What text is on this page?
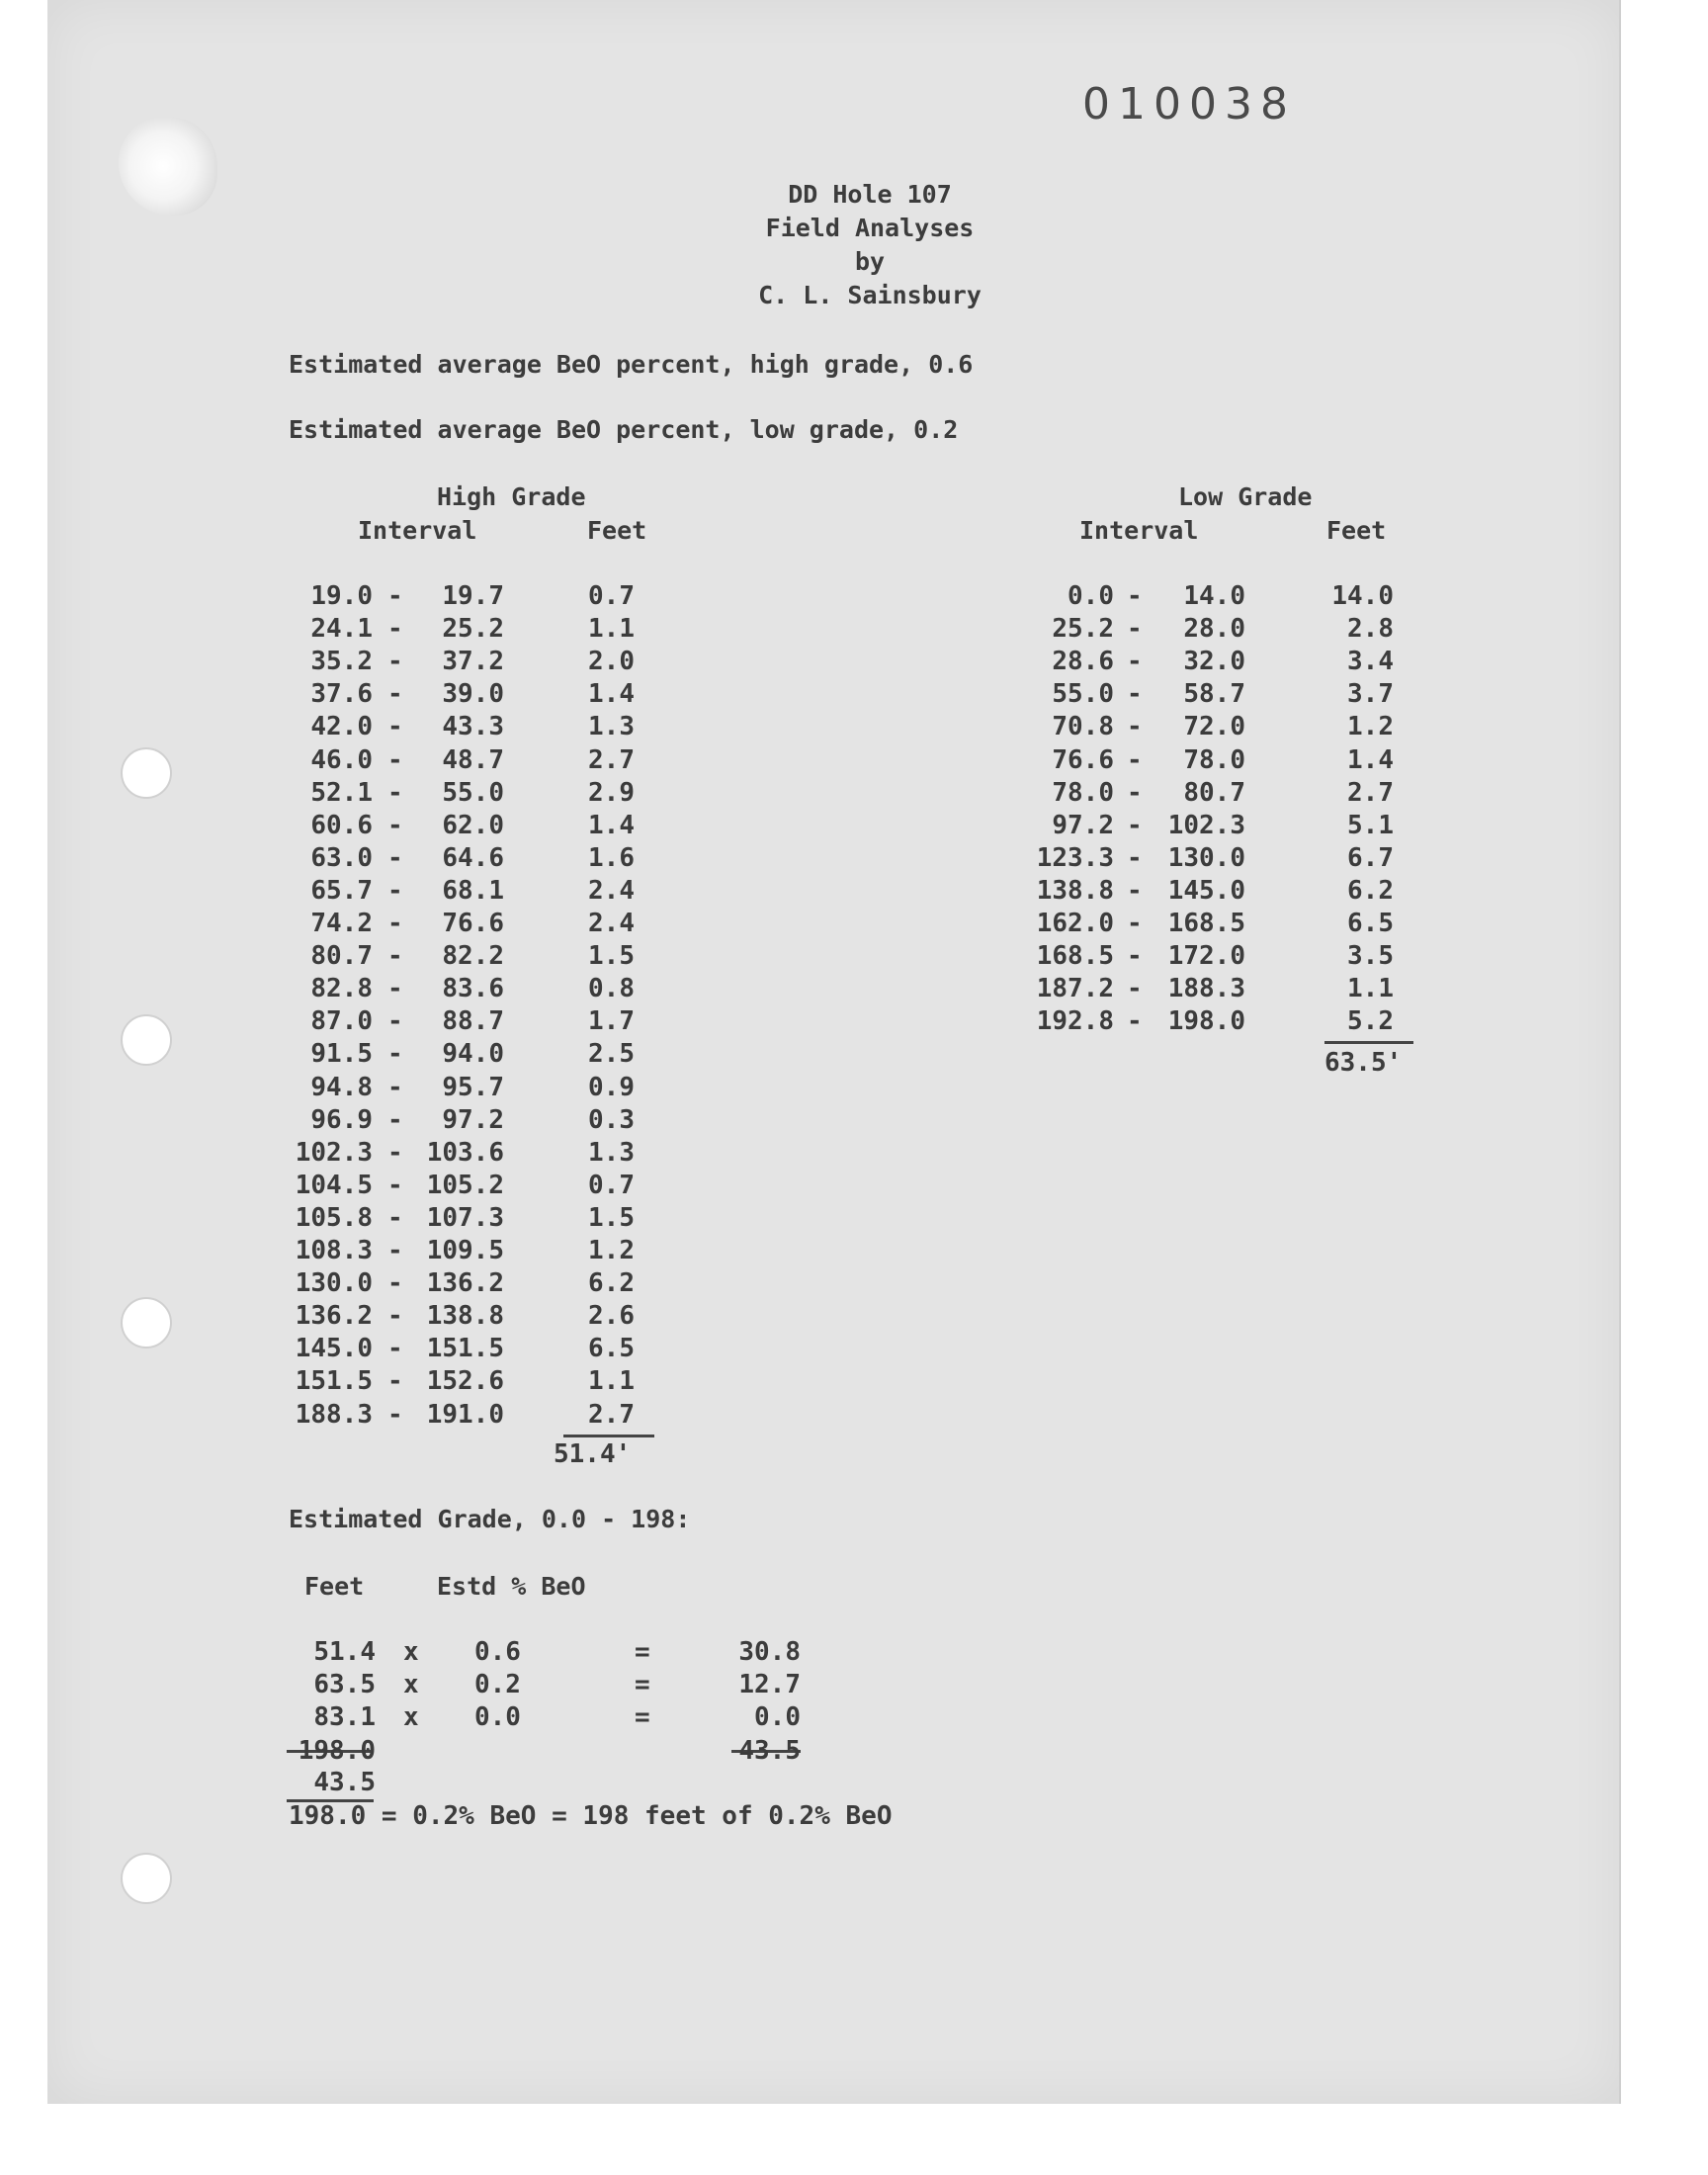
010038
DD Hole 107
Field Analyses
by
C. L. Sainsbury
Estimated average BeO percent, high grade, 0.6
Estimated average BeO percent, low grade, 0.2
High Grade
Interval	Feet
19.0 -	19.7	0.7
24.1 -	25.2	1.1
35.2 -	37.2	2.0
37.6 -	39.0	1.4
42.0 -	43.3	1.3
46.0 -	48.7	2.7
52.1 -	55.0	2.9
60.6 -	62.0	1.4
63.0 -	64.6	1.6
65.7 -	68.1	2.4
74.2 -	76.6	2.4
80.7 -	82.2	1.5
82.8 -	83.6	0.8
87.0 -	88.7	1.7
91.5 -	94.0	2.5
94.8 -	95.7	0.9
96.9 -	97.2	0.3
102.3 - 103.6	1.3
104.5 - 105.2	0.7
105.8 - 107.3	1.5
108.3 - 109.5	1.2
130.0 - 136.2	6.2
136.2 - 138.8	2.6
145.0 - 151.5	6.5
151.5 - 152.6	1.1
188.3 - 191.0	2.7
51.4'
Low Grade
Interval	Feet
0.0 -	14.0	14.0
25.2 -	28.0	2.8
28.6 -	32.0	3.4
55.0 -	58.7	3.7
70.8 -	72.0	1.2
76.6 -	78.0	1.4
78.0 -	80.7	2.7
97.2 -	102.3	5.1
123.3 -	130.0	6.7
138.8 -	145.0	6.2
162.0 -	168.5	6.5
168.5 -	172.0	3.5
187.2 -	188.3	1.1
192.8 -	198.0	5.2
63.5'
Estimated Grade, 0.0 - 198:
Feet	Estd % BeO
51.4 x	0.6	=	30.8
63.5 x	0.2	=	12.7
83.1 x	0.0	=	0.0
198.0	43.5
43.5
198.0 = 0.2% BeO = 198 feet of 0.2% BeO
